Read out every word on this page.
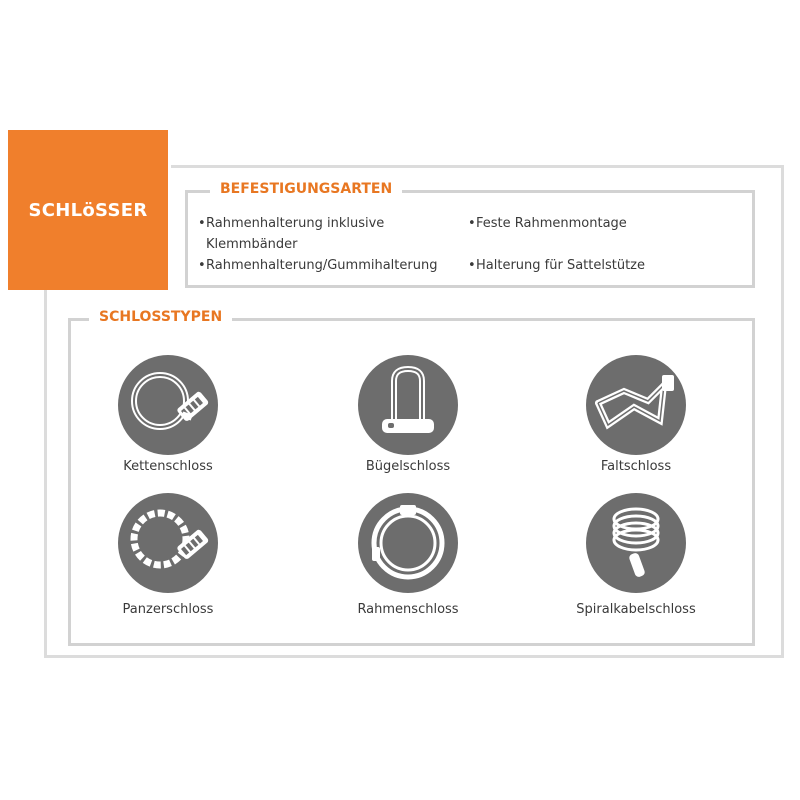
SCHLöSSER
BEFESTIGUNGSARTEN
•Rahmenhalterung inklusive
Klemmbänder
•Feste Rahmenmontage
•Rahmenhalterung/Gummihalterung •Halterung für Sattelstütze
SCHLOSSTYPEN
Kettenschloss	Bügelschloss	Faltschloss
Panzerschloss	Rahmenschloss	Spiralkabelschloss
